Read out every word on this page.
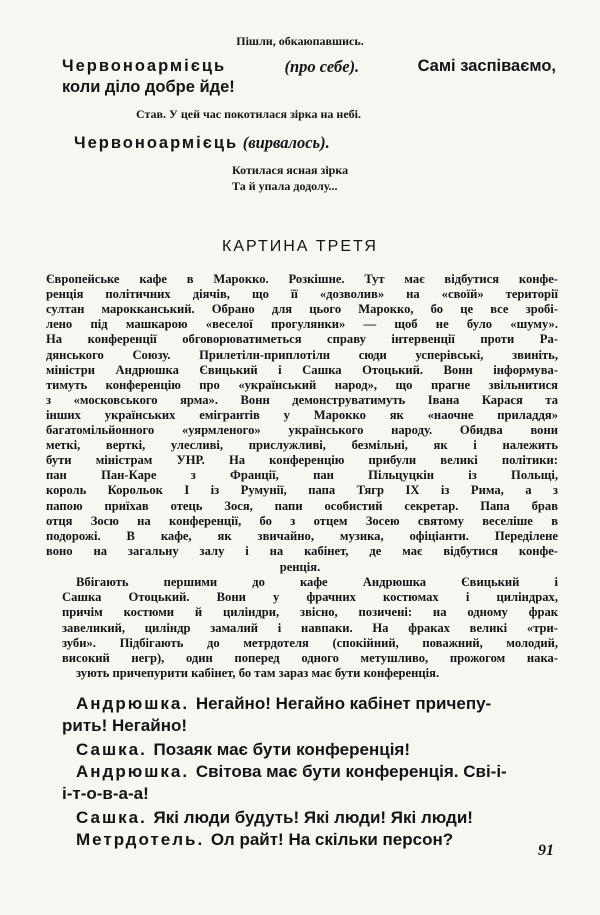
Пішли, обкаюпавшись.
Червоноармієць	(про себе).	Самі заспіваємо,
коли діло добре йде!
Став. У цей час покотилася зірка на небі.
Червоноармієць (вирвалось).
Котилася ясная зірка
Та й упала додолу...
КАРТИНА ТРЕТЯ
Європейське кафе в Марокко. Розкішне. Тут має відбутися конфе-
ренція політичних діячів, що її «дозволив» на «своїй» території
султан марокканський. Обрано для цього Марокко, бо це все зробі-
лено під машкарою «веселої прогулянки» — щоб не було «шуму».
На конференції обговорюватиметься справу інтервенції проти Ра-
дянського Союзу. Прилетілн-приплотілн сюди усперівські, звиніть,
міністри Андрюшка Євицький і Сашка Отоцький. Вонн інформува-
тимуть конференцію про «український народ», що прагне звільнитися
з «московського ярма». Вонн демонструватимуть Івана Карася та
інших українських емігрантів у Марокко як «наочне приладдя»
багатомільйонного «уярмленого» українського народу. Обидва вони
меткі, верткі, улесливі, прислужливі, безмільні, як і належить
бути міністрам УНР. На конференцію прибули великі політики:
пан Пан-Каре з Франції, пан Пільцуцкін із Польщі,
король Корольок І із Румунії, папа Тягр ІХ із Рима, а з
папою приїхав отець Зося, папи особистий секретар. Папа брав
отця Зосю на конференції, бо з отцем Зосею святому веселіше в
подорожі. В кафе, як звичайно, музика, офіціанти. Переділене
вонo на загальну залу і на кабінет, де має відбутися конфе-
ренція.
Вбігають першими до кафе Андрюшка Євицький і
Сашка Отоцький. Вони у фрачних костюмах і циліндрах,
причім костюми й циліндри, звісно, позичені: на одному фрак
завеликий, циліндр замалий і навпаки. На фраках великі «три-
зуби». Підбігають до метрдотеля (спокійний, поважний, молодий,
високий негр), один поперед одного метушливо, прожогом нака-
зують причепурити кабінет, бо там зараз має бути конференція.
Андрюшка. Негайно! Негайно кабінет причепу-
рить! Негайно!
Сашка. Позаяк має бути конференція!
Андрюшка. Світова має бути конференція. Сві-і-
і-т-о-в-а-а!
Сашка. Які люди будуть! Які люди! Які люди!
Метрдотель. Ол райт! На скільки персон?
91
